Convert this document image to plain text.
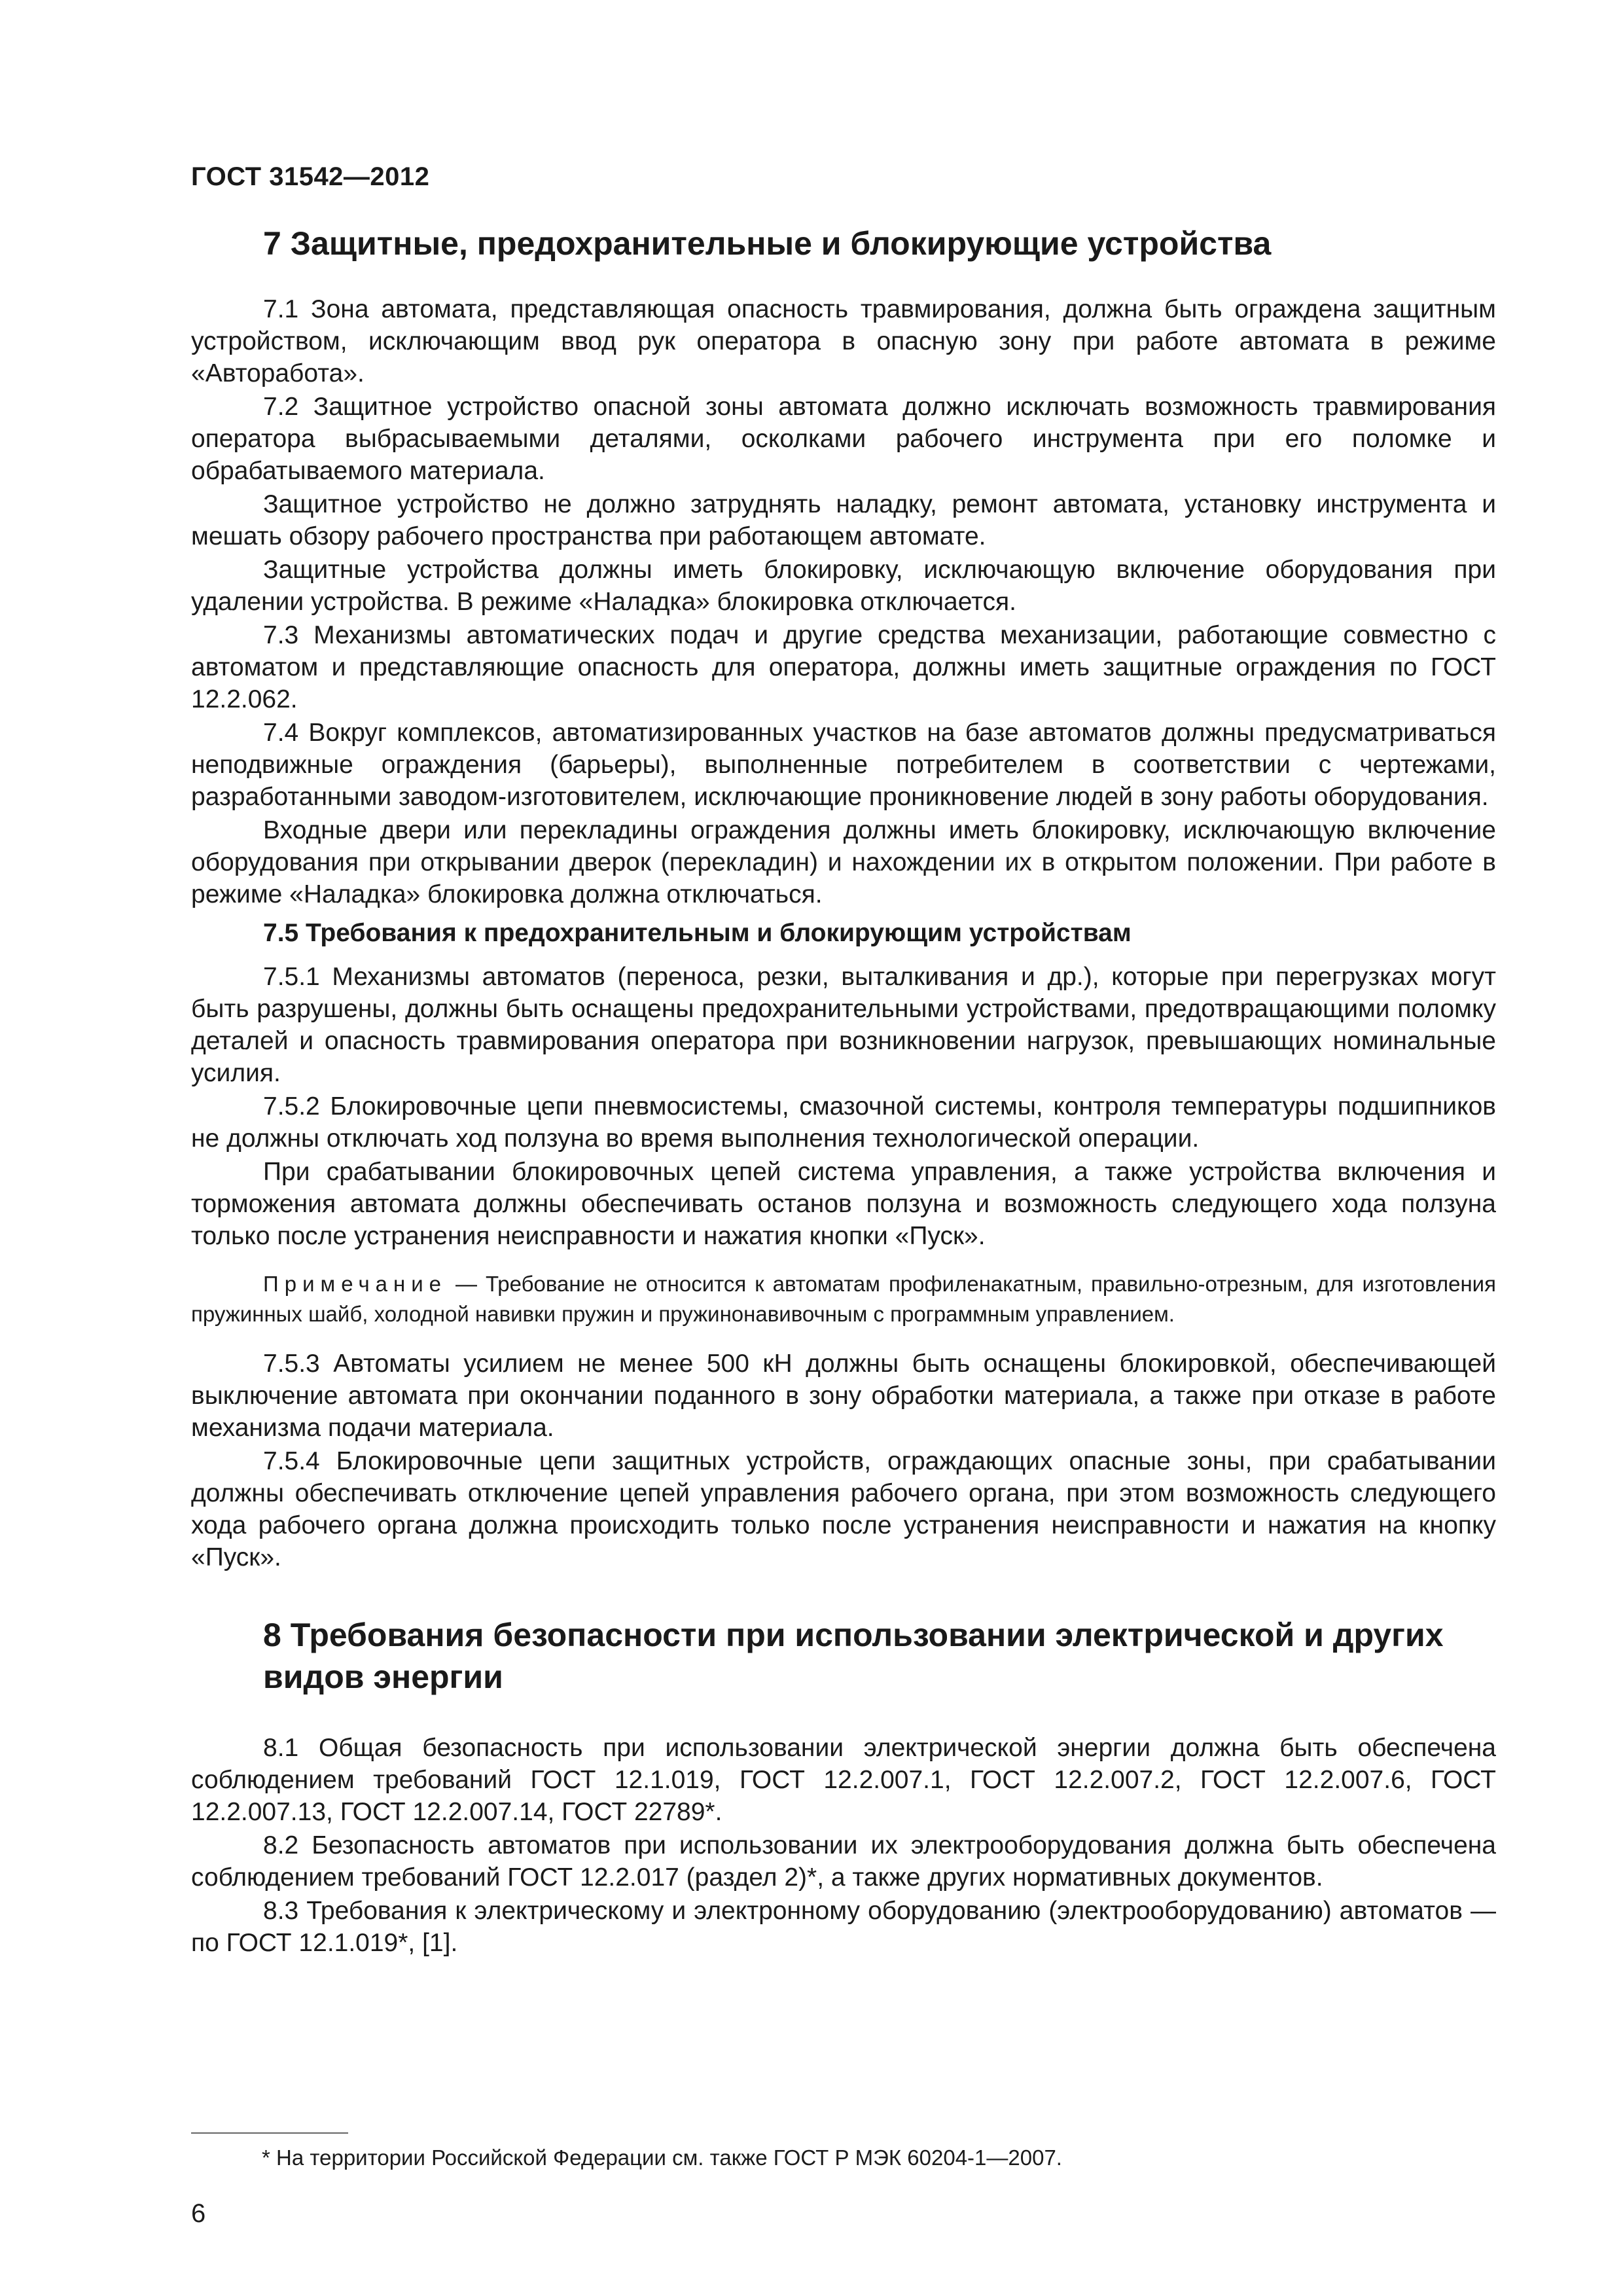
ГОСТ 31542—2012
7 Защитные, предохранительные и блокирующие устройства

7.1 Зона автомата, представляющая опасность травмирования, должна быть ограждена защитным устройством, исключающим ввод рук оператора в опасную зону при работе автомата в режиме «Авторабота».

7.2 Защитное устройство опасной зоны автомата должно исключать возможность травмирования оператора выбрасываемыми деталями, осколками рабочего инструмента при его поломке и обрабатываемого материала.

Защитное устройство не должно затруднять наладку, ремонт автомата, установку инструмента и мешать обзору рабочего пространства при работающем автомате.

Защитные устройства должны иметь блокировку, исключающую включение оборудования при удалении устройства. В режиме «Наладка» блокировка отключается.

7.3 Механизмы автоматических подач и другие средства механизации, работающие совместно с автоматом и представляющие опасность для оператора, должны иметь защитные ограждения по ГОСТ 12.2.062.

7.4 Вокруг комплексов, автоматизированных участков на базе автоматов должны предусматриваться неподвижные ограждения (барьеры), выполненные потребителем в соответствии с чертежами, разработанными заводом-изготовителем, исключающие проникновение людей в зону работы оборудования.

Входные двери или перекладины ограждения должны иметь блокировку, исключающую включение оборудования при открывании дверок (перекладин) и нахождении их в открытом положении. При работе в режиме «Наладка» блокировка должна отключаться.

7.5 Требования к предохранительным и блокирующим устройствам

7.5.1 Механизмы автоматов (переноса, резки, выталкивания и др.), которые при перегрузках могут быть разрушены, должны быть оснащены предохранительными устройствами, предотвращающими поломку деталей и опасность травмирования оператора при возникновении нагрузок, превышающих номинальные усилия.

7.5.2 Блокировочные цепи пневмосистемы, смазочной системы, контроля температуры подшипников не должны отключать ход ползуна во время выполнения технологической операции.

При срабатывании блокировочных цепей система управления, а также устройства включения и торможения автомата должны обеспечивать останов ползуна и возможность следующего хода ползуна только после устранения неисправности и нажатия кнопки «Пуск».

Примечание — Требование не относится к автоматам профиленакатным, правильно-отрезным, для изготовления пружинных шайб, холодной навивки пружин и пружинонавивочным с программным управлением.

7.5.3 Автоматы усилием не менее 500 кН должны быть оснащены блокировкой, обеспечивающей выключение автомата при окончании поданного в зону обработки материала, а также при отказе в работе механизма подачи материала.

7.5.4 Блокировочные цепи защитных устройств, ограждающих опасные зоны, при срабатывании должны обеспечивать отключение цепей управления рабочего органа, при этом возможность следующего хода рабочего органа должна происходить только после устранения неисправности и нажатия на кнопку «Пуск».

8 Требования безопасности при использовании электрической и других видов энергии

8.1 Общая безопасность при использовании электрической энергии должна быть обеспечена соблюдением требований ГОСТ 12.1.019, ГОСТ 12.2.007.1, ГОСТ 12.2.007.2, ГОСТ 12.2.007.6, ГОСТ 12.2.007.13, ГОСТ 12.2.007.14, ГОСТ 22789*.

8.2 Безопасность автоматов при использовании их электрооборудования должна быть обеспечена соблюдением требований ГОСТ 12.2.017 (раздел 2)*, а также других нормативных документов.

8.3 Требования к электрическому и электронному оборудованию (электрооборудованию) автоматов — по ГОСТ 12.1.019*, [1].

* На территории Российской Федерации см. также ГОСТ Р МЭК 60204-1—2007.
6
